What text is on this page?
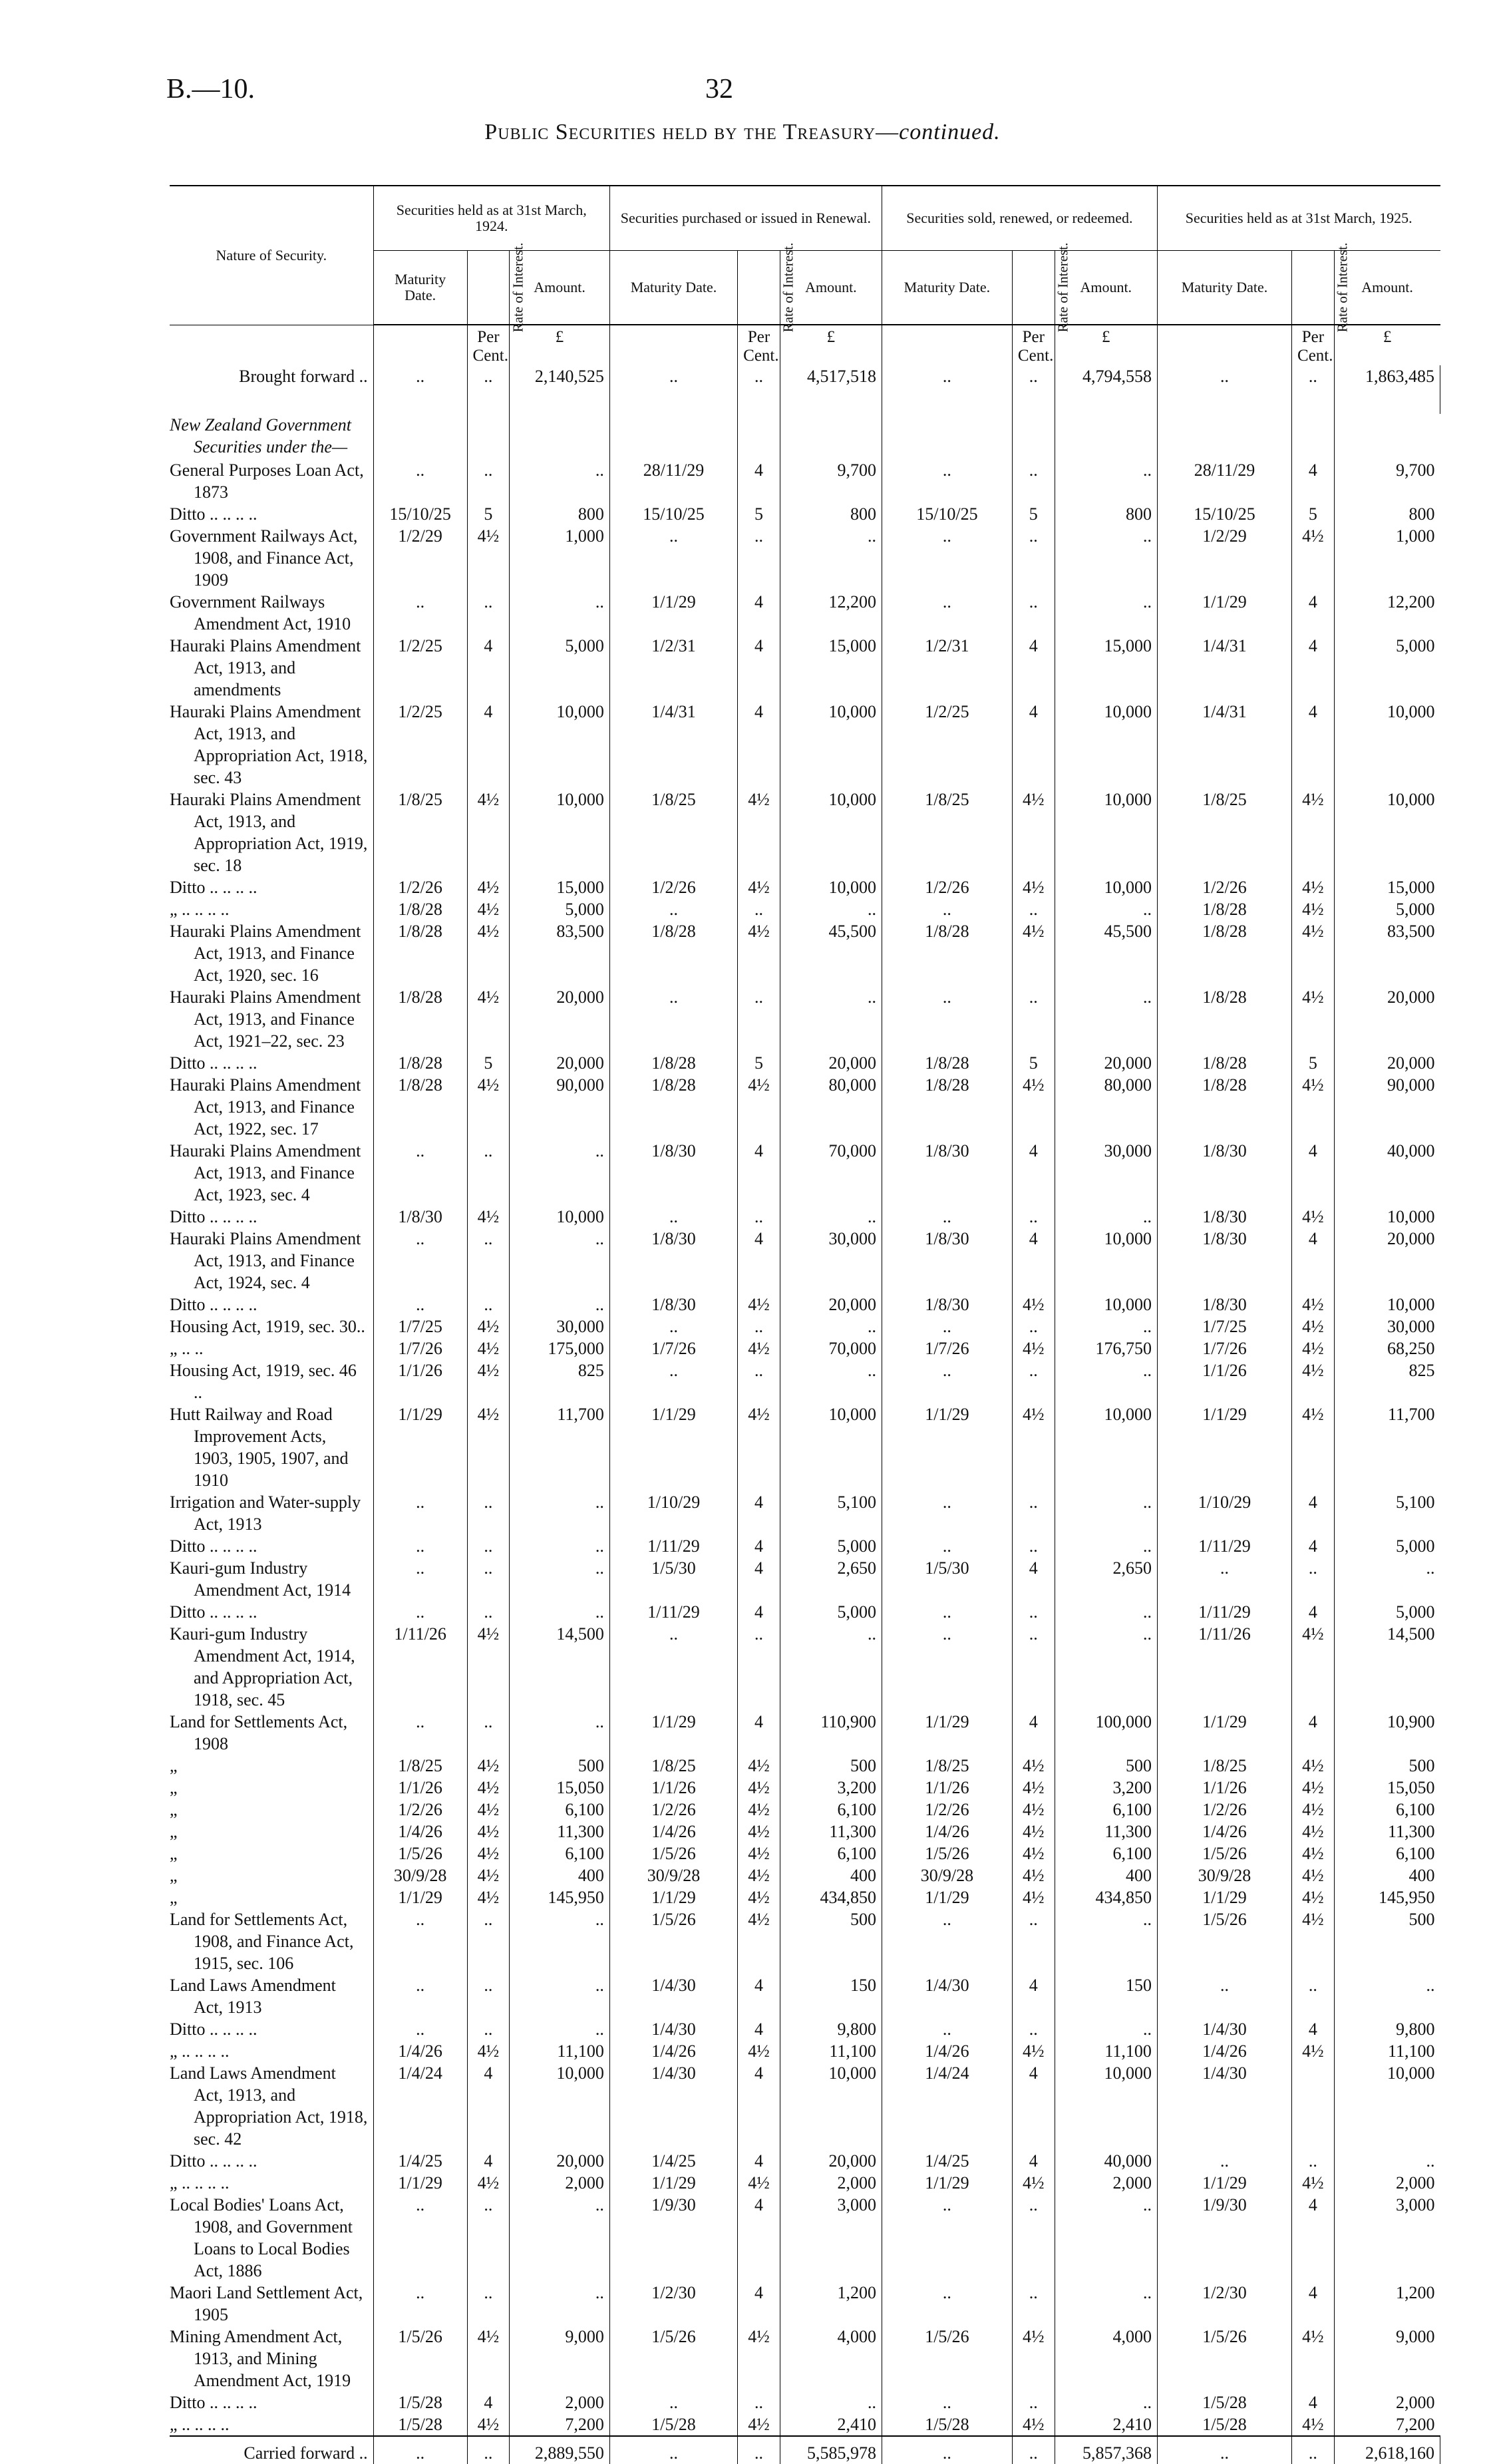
B.—10.	32
Public Securities held by the Treasury—continued.
Nature of Security.	Securities held as at 31st March, 1924.			Securities purchased or issued in Renewal.			Securities sold, renewed, or redeemed.			Securities held as at 31st March, 1925.		
	Maturity Date.	Rate of Interest.	Amount.	Maturity Date.	Rate of Interest.	Amount.	Maturity Date.	Rate of Interest.	Amount.	Maturity Date.	Rate of Interest.	Amount.
		Per Cent.	£		Per Cent.	£		Per Cent.	£		Per Cent.	£
Brought forward ..	..	..	2,140,525	..	..	4,517,518	..	..	4,794,558	..	..	1,863,485
New Zealand Government Securities under the—												
General Purposes Loan Act, 1873	..	..	..	28/11/29	4	9,700	..	..	..	28/11/29	4	9,700
Ditto .. .. .. ..	15/10/25	5	800	15/10/25	5	800	15/10/25	5	800	15/10/25	5	800
Government Railways Act, 1908, and Finance Act, 1909	1/2/29	4½	1,000	..	..	..	..	..	..	1/2/29	4½	1,000
Government Railways Amendment Act, 1910	..	..	..	1/1/29	4	12,200	..	..	..	1/1/29	4	12,200
Hauraki Plains Amendment Act, 1913, and amendments	1/2/25	4	5,000	1/2/31	4	15,000	1/2/31	4	15,000	1/4/31	4	5,000
Hauraki Plains Amendment Act, 1913, and Appropriation Act, 1918, sec. 43	1/2/25	4	10,000	1/4/31	4	10,000	1/2/25	4	10,000	1/4/31	4	10,000
Hauraki Plains Amendment Act, 1913, and Appropriation Act, 1919, sec. 18	1/8/25	4½	10,000	1/8/25	4½	10,000	1/8/25	4½	10,000	1/8/25	4½	10,000
Ditto .. .. .. ..	1/2/26	4½	15,000	1/2/26	4½	10,000	1/2/26	4½	10,000	1/2/26	4½	15,000
„ .. .. .. ..	1/8/28	4½	5,000	..	..	..	..	..	..	1/8/28	4½	5,000
Hauraki Plains Amendment Act, 1913, and Finance Act, 1920, sec. 16	1/8/28	4½	83,500	1/8/28	4½	45,500	1/8/28	4½	45,500	1/8/28	4½	83,500
Hauraki Plains Amendment Act, 1913, and Finance Act, 1921–22, sec. 23	1/8/28	4½	20,000	..	..	..	..	..	..	1/8/28	4½	20,000
Ditto .. .. .. ..	1/8/28	5	20,000	1/8/28	5	20,000	1/8/28	5	20,000	1/8/28	5	20,000
Hauraki Plains Amendment Act, 1913, and Finance Act, 1922, sec. 17	1/8/28	4½	90,000	1/8/28	4½	80,000	1/8/28	4½	80,000	1/8/28	4½	90,000
Hauraki Plains Amendment Act, 1913, and Finance Act, 1923, sec. 4	..	..	..	1/8/30	4	70,000	1/8/30	4	30,000	1/8/30	4	40,000
Ditto .. .. .. ..	1/8/30	4½	10,000	..	..	..	..	..	..	1/8/30	4½	10,000
Hauraki Plains Amendment Act, 1913, and Finance Act, 1924, sec. 4	..	..	..	1/8/30	4	30,000	1/8/30	4	10,000	1/8/30	4	20,000
Ditto .. .. .. ..	..	..	..	1/8/30	4½	20,000	1/8/30	4½	10,000	1/8/30	4½	10,000
Housing Act, 1919, sec. 30..	1/7/25	4½	30,000	..	..	..	..	..	..	1/7/25	4½	30,000
„ .. ..	1/7/26	4½	175,000	1/7/26	4½	70,000	1/7/26	4½	176,750	1/7/26	4½	68,250
Housing Act, 1919, sec. 46 ..	1/1/26	4½	825	..	..	..	..	..	..	1/1/26	4½	825
Hutt Railway and Road Improvement Acts, 1903, 1905, 1907, and 1910	1/1/29	4½	11,700	1/1/29	4½	10,000	1/1/29	4½	10,000	1/1/29	4½	11,700
Irrigation and Water-supply Act, 1913	..	..	..	1/10/29	4	5,100	..	..	..	1/10/29	4	5,100
Ditto .. .. .. ..	..	..	..	1/11/29	4	5,000	..	..	..	1/11/29	4	5,000
Kauri-gum Industry Amendment Act, 1914	..	..	..	1/5/30	4	2,650	1/5/30	4	2,650	..	..	..
Ditto .. .. .. ..	..	..	..	1/11/29	4	5,000	..	..	..	1/11/29	4	5,000
Kauri-gum Industry Amendment Act, 1914, and Appropriation Act, 1918, sec. 45	1/11/26	4½	14,500	..	..	..	..	..	..	1/11/26	4½	14,500
Land for Settlements Act, 1908	..	..	..	1/1/29	4	110,900	1/1/29	4	100,000	1/1/29	4	10,900
„	1/8/25	4½	500	1/8/25	4½	500	1/8/25	4½	500	1/8/25	4½	500
„	1/1/26	4½	15,050	1/1/26	4½	3,200	1/1/26	4½	3,200	1/1/26	4½	15,050
„	1/2/26	4½	6,100	1/2/26	4½	6,100	1/2/26	4½	6,100	1/2/26	4½	6,100
„	1/4/26	4½	11,300	1/4/26	4½	11,300	1/4/26	4½	11,300	1/4/26	4½	11,300
„	1/5/26	4½	6,100	1/5/26	4½	6,100	1/5/26	4½	6,100	1/5/26	4½	6,100
„	30/9/28	4½	400	30/9/28	4½	400	30/9/28	4½	400	30/9/28	4½	400
„	1/1/29	4½	145,950	1/1/29	4½	434,850	1/1/29	4½	434,850	1/1/29	4½	145,950
Land for Settlements Act, 1908, and Finance Act, 1915, sec. 106	..	..	..	1/5/26	4½	500	..	..	..	1/5/26	4½	500
Land Laws Amendment Act, 1913	..	..	..	1/4/30	4	150	1/4/30	4	150	..	..	..
Ditto .. .. .. ..	..	..	..	1/4/30	4	9,800	..	..	..	1/4/30	4	9,800
„ .. .. .. ..	1/4/26	4½	11,100	1/4/26	4½	11,100	1/4/26	4½	11,100	1/4/26	4½	11,100
Land Laws Amendment Act, 1913, and Appropriation Act, 1918, sec. 42	1/4/24	4	10,000	1/4/30	4	10,000	1/4/24	4	10,000	1/4/30		10,000
Ditto .. .. .. ..	1/4/25	4	20,000	1/4/25	4	20,000	1/4/25	4	40,000	..	..	..
„ .. .. .. ..	1/1/29	4½	2,000	1/1/29	4½	2,000	1/1/29	4½	2,000	1/1/29	4½	2,000
Local Bodies' Loans Act, 1908, and Government Loans to Local Bodies Act, 1886	..	..	..	1/9/30	4	3,000	..	..	..	1/9/30	4	3,000
Maori Land Settlement Act, 1905	..	..	..	1/2/30	4	1,200	..	..	..	1/2/30	4	1,200
Mining Amendment Act, 1913, and Mining Amendment Act, 1919	1/5/26	4½	9,000	1/5/26	4½	4,000	1/5/26	4½	4,000	1/5/26	4½	9,000
Ditto .. .. .. ..	1/5/28	4	2,000	..	..	..	..	..	..	1/5/28	4	2,000
„ .. .. .. ..	1/5/28	4½	7,200	1/5/28	4½	2,410	1/5/28	4½	2,410	1/5/28	4½	7,200
Carried forward ..	..	..	2,889,550	..	..	5,585,978	..	..	5,857,368	..	..	2,618,160
